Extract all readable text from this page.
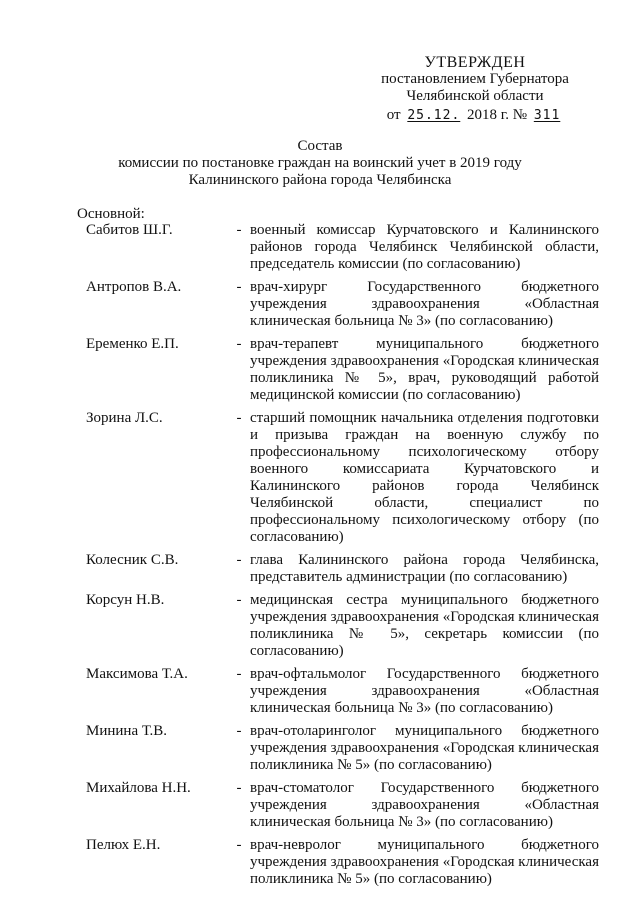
УТВЕРЖДЕН
постановлением Губернатора
Челябинской области
от 25.12. 2018 г. № 311
Состав
комиссии по постановке граждан на воинский учет в 2019 году
Калининского района города Челябинска
Основной:
Сабитов Ш.Г.	- военный комиссар Курчатовского и Калининского районов города Челябинск Челябинской области, председатель комиссии (по согласованию)
Антропов В.А.	- врач-хирург Государственного бюджетного учреждения здравоохранения «Областная клиническая больница № 3» (по согласованию)
Еременко Е.П.	- врач-терапевт муниципального бюджетного учреждения здравоохранения «Городская клиническая поликлиника № 5», врач, руководящий работой медицинской комиссии (по согласованию)
Зорина Л.С.	- старший помощник начальника отделения подготовки и призыва граждан на военную службу по профессиональному психологическому отбору военного комиссариата Курчатовского и Калининского районов города Челябинск Челябинской области, специалист по профессиональному психологическому отбору (по согласованию)
Колесник С.В.	- глава Калининского района города Челябинска, представитель администрации (по согласованию)
Корсун Н.В.	- медицинская сестра муниципального бюджетного учреждения здравоохранения «Городская клиническая поликлиника № 5», секретарь комиссии (по согласованию)
Максимова Т.А.	- врач-офтальмолог Государственного бюджетного учреждения здравоохранения «Областная клиническая больница № 3» (по согласованию)
Минина Т.В.	- врач-отоларинголог муниципального бюджетного учреждения здравоохранения «Городская клиническая поликлиника № 5» (по согласованию)
Михайлова Н.Н.	- врач-стоматолог Государственного бюджетного учреждения здравоохранения «Областная клиническая больница № 3» (по согласованию)
Пелюх Е.Н.	- врач-невролог муниципального бюджетного учреждения здравоохранения «Городская клиническая поликлиника № 5» (по согласованию)
